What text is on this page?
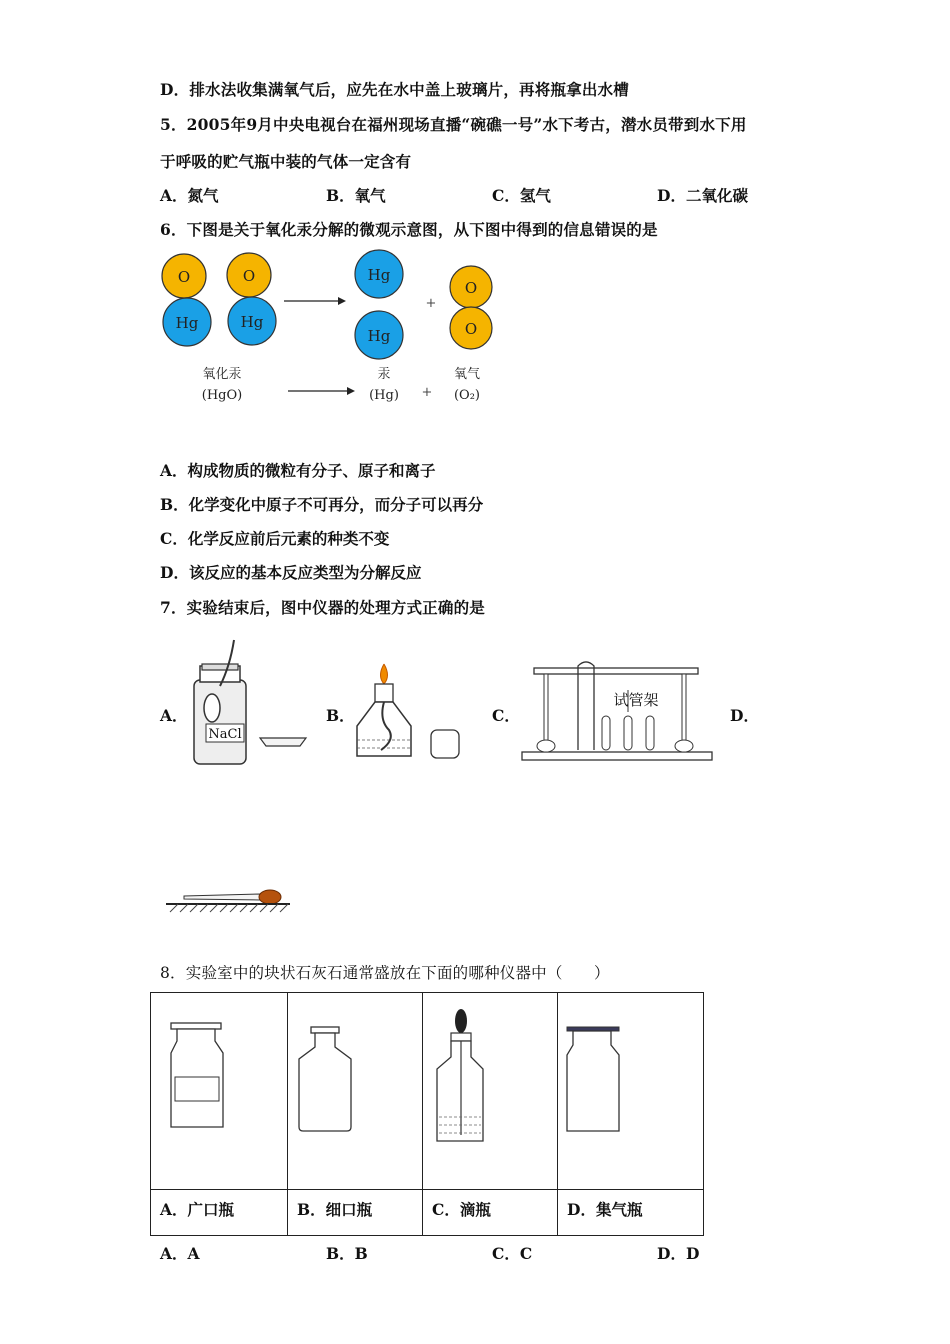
D．排水法收集满氧气后，应先在水中盖上玻璃片，再将瓶拿出水槽
5．2005年9月中央电视台在福州现场直播“碗礁一号”水下考古，潜水员带到水下用
于呼吸的贮气瓶中装的气体一定含有
A．氮气	B．氧气	C．氢气	D．二氧化碳
6．下图是关于氧化汞分解的微观示意图，从下图中得到的信息错误的是
O
Hg
O
Hg
Hg
Hg
O
O
+
氧化汞
(HgO)
汞
(Hg)
氧气
(O₂)
+
A．构成物质的微粒有分子、原子和离子
B．化学变化中原子不可再分，而分子可以再分
C．化学反应前后元素的种类不变
D．该反应的基本反应类型为分解反应
7．实验结束后，图中仪器的处理方式正确的是
A．	B．	C．	D．
NaCl
试管架
8．实验室中的块状石灰石通常盛放在下面的哪种仪器中（　　）
A．广口瓶	B．细口瓶	C．滴瓶	D．集气瓶
A．A	B．B	C．C	D．D
